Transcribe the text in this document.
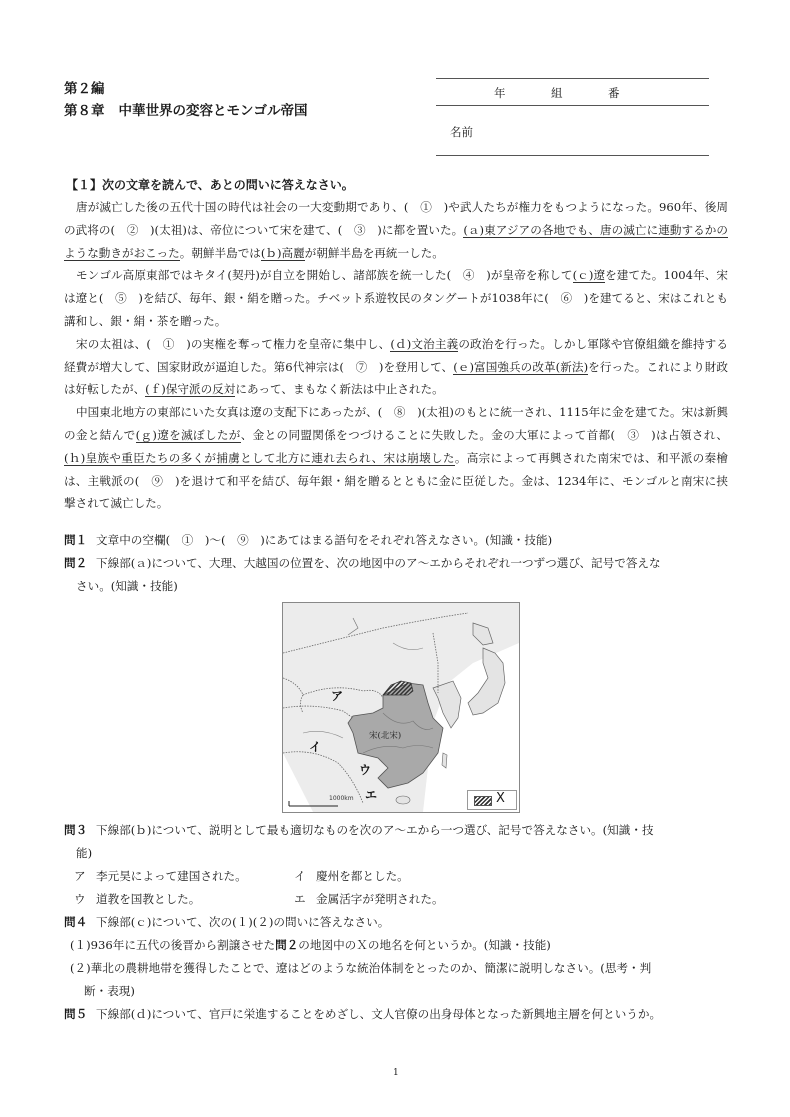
第２編
第８章 中華世界の変容とモンゴル帝国
年	組	番
名前
【１】次の文章を読んで、あとの問いに答えなさい。

唐が滅亡した後の五代十国の時代は社会の一大変動期であり、(　①　)や武人たちが権力をもつようになった。960年、後周の武将の(　②　)(太祖)は、帝位について宋を建て、(　③　)に都を置いた。(ａ)東アジアの各地でも、唐の滅亡に連動するかのような動きがおこった。朝鮮半島では(ｂ)高麗が朝鮮半島を再統一した。

モンゴル高原東部ではキタイ(契丹)が自立を開始し、諸部族を統一した(　④　)が皇帝を称して(ｃ)遼を建てた。1004年、宋は遼と(　⑤　)を結び、毎年、銀・絹を贈った。チベット系遊牧民のタングートが1038年に(　⑥　)を建てると、宋はこれとも講和し、銀・絹・茶を贈った。

宋の太祖は、(　①　)の実権を奪って権力を皇帝に集中し、(ｄ)文治主義の政治を行った。しかし軍隊や官僚組織を維持する経費が増大して、国家財政が逼迫した。第6代神宗は(　⑦　)を登用して、(ｅ)富国強兵の改革(新法)を行った。これにより財政は好転したが、(ｆ)保守派の反対にあって、まもなく新法は中止された。

中国東北地方の東部にいた女真は遼の支配下にあったが、(　⑧　)(太祖)のもとに統一され、1115年に金を建てた。宋は新興の金と結んで(ｇ)遼を滅ぼしたが、金との同盟関係をつづけることに失敗した。金の大軍によって首都(　③　)は占領され、(ｈ)皇族や重臣たちの多くが捕虜として北方に連れ去られ、宋は崩壊した。高宗によって再興された南宋では、和平派の秦檜は、主戦派の(　⑨　)を退けて和平を結び、毎年銀・絹を贈るとともに金に臣従した。金は、1234年に、モンゴルと南宋に挟撃されて滅亡した。

問１ 文章中の空欄(　①　)～(　⑨　)にあてはまる語句をそれぞれ答えなさい。(知識・技能)
問２ 下線部(ａ)について、大理、大越国の位置を、次の地図中のア～エからそれぞれ一つずつ選び、記号で答えな
さい。(知識・技能)
ア
イ
ウ
エ
宋(北宋)
1000km	X
問３ 下線部(ｂ)について、説明として最も適切なものを次のア～エから一つ選び、記号で答えなさい。(知識・技
能)
ア 李元昊によって建国された。	イ 慶州を都とした。
ウ 道教を国教とした。	エ 金属活字が発明された。
問４ 下線部(ｃ)について、次の(１)(２)の問いに答えなさい。
(１)936年に五代の後晋から割譲させた問２の地図中のＸの地名を何というか。(知識・技能)
(２)華北の農耕地帯を獲得したことで、遼はどのような統治体制をとったのか、簡潔に説明しなさい。(思考・判
断・表現)
問５ 下線部(ｄ)について、官戸に栄進することをめざし、文人官僚の出身母体となった新興地主層を何というか。
1
